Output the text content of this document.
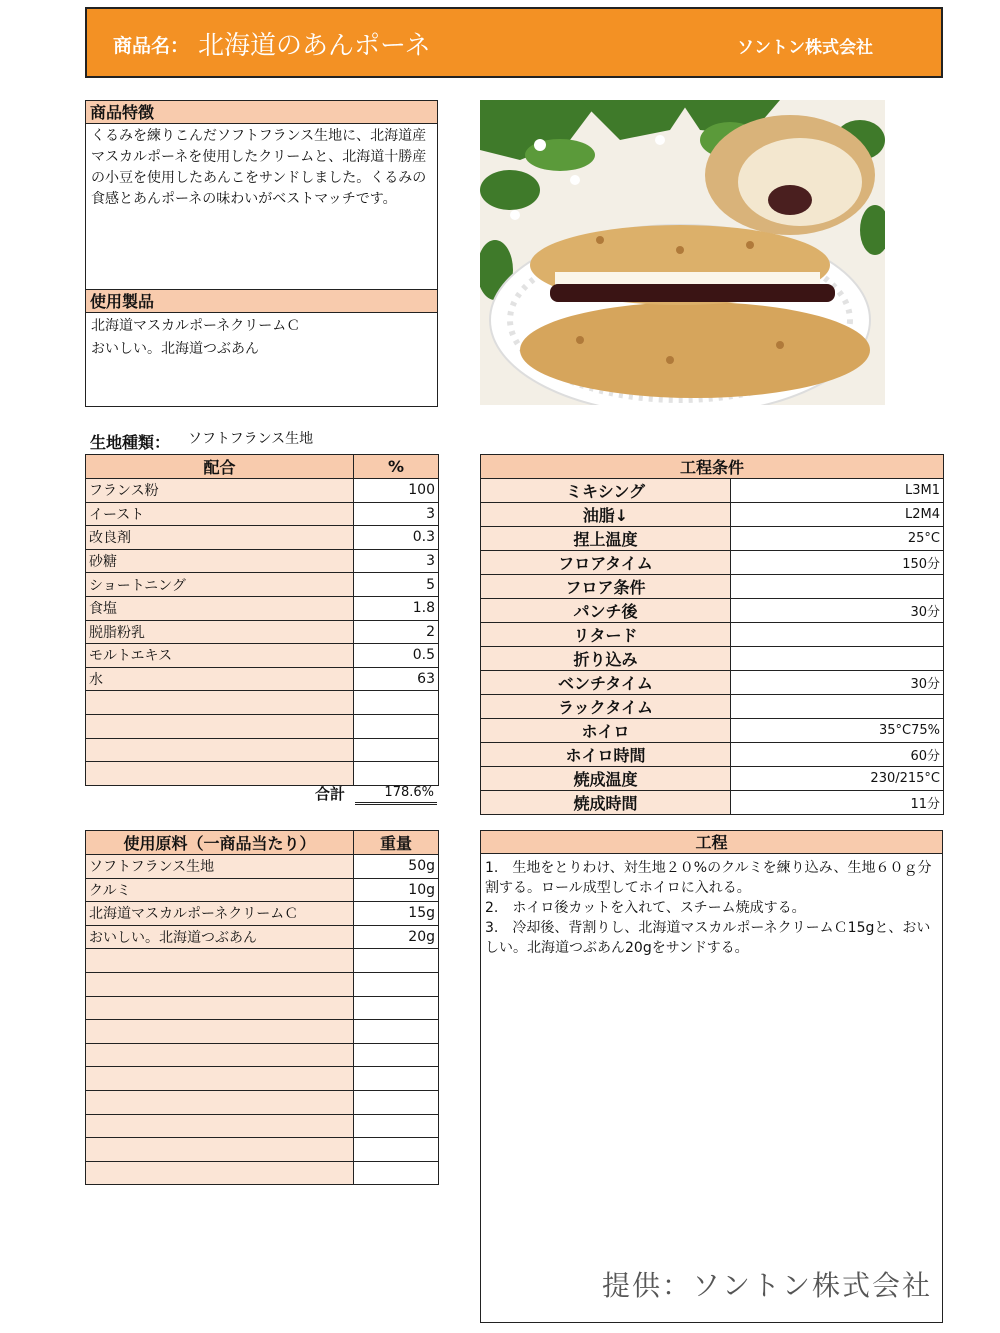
商品名： 北海道のあんポーネ	ソントン株式会社
商品特徴
くるみを練りこんだソフトフランス生地に、北海道産マスカルポーネを使用したクリームと、北海道十勝産の小豆を使用したあんこをサンドしました。くるみの食感とあんポーネの味わいがベストマッチです。
使用製品
北海道マスカルポーネクリームＣ
おいしい。北海道つぶあん
生地種類： ソフトフランス生地
配合	%
フランス粉	100
イースト	3
改良剤	0.3
砂糖	3
ショートニング	5
食塩	1.8
脱脂粉乳	2
モルトエキス	0.5
水	63

合計	178.6%
工程条件	
ミキシング	L3M1
油脂↓	L2M4
捏上温度	25°C
フロアタイム	150分
フロア条件	
パンチ後	30分
リタード	
折り込み	
ベンチタイム	30分
ラックタイム	
ホイロ	35°C75%
ホイロ時間	60分
焼成温度	230/215°C
焼成時間	11分
使用原料（一商品当たり）	重量
ソフトフランス生地	50g
クルミ	10g
北海道マスカルポーネクリームＣ	15g
おいしい。北海道つぶあん	20g

工程

1.　生地をとりわけ、対生地２０%のクルミを練り込み、生地６０ｇ分割する。ロール成型してホイロに入れる。

2.　ホイロ後カットを入れて、スチーム焼成する。

3.　冷却後、背割りし、北海道マスカルポーネクリームＣ15gと、おいしい。北海道つぶあん20gをサンドする。

提供：ソントン株式会社
